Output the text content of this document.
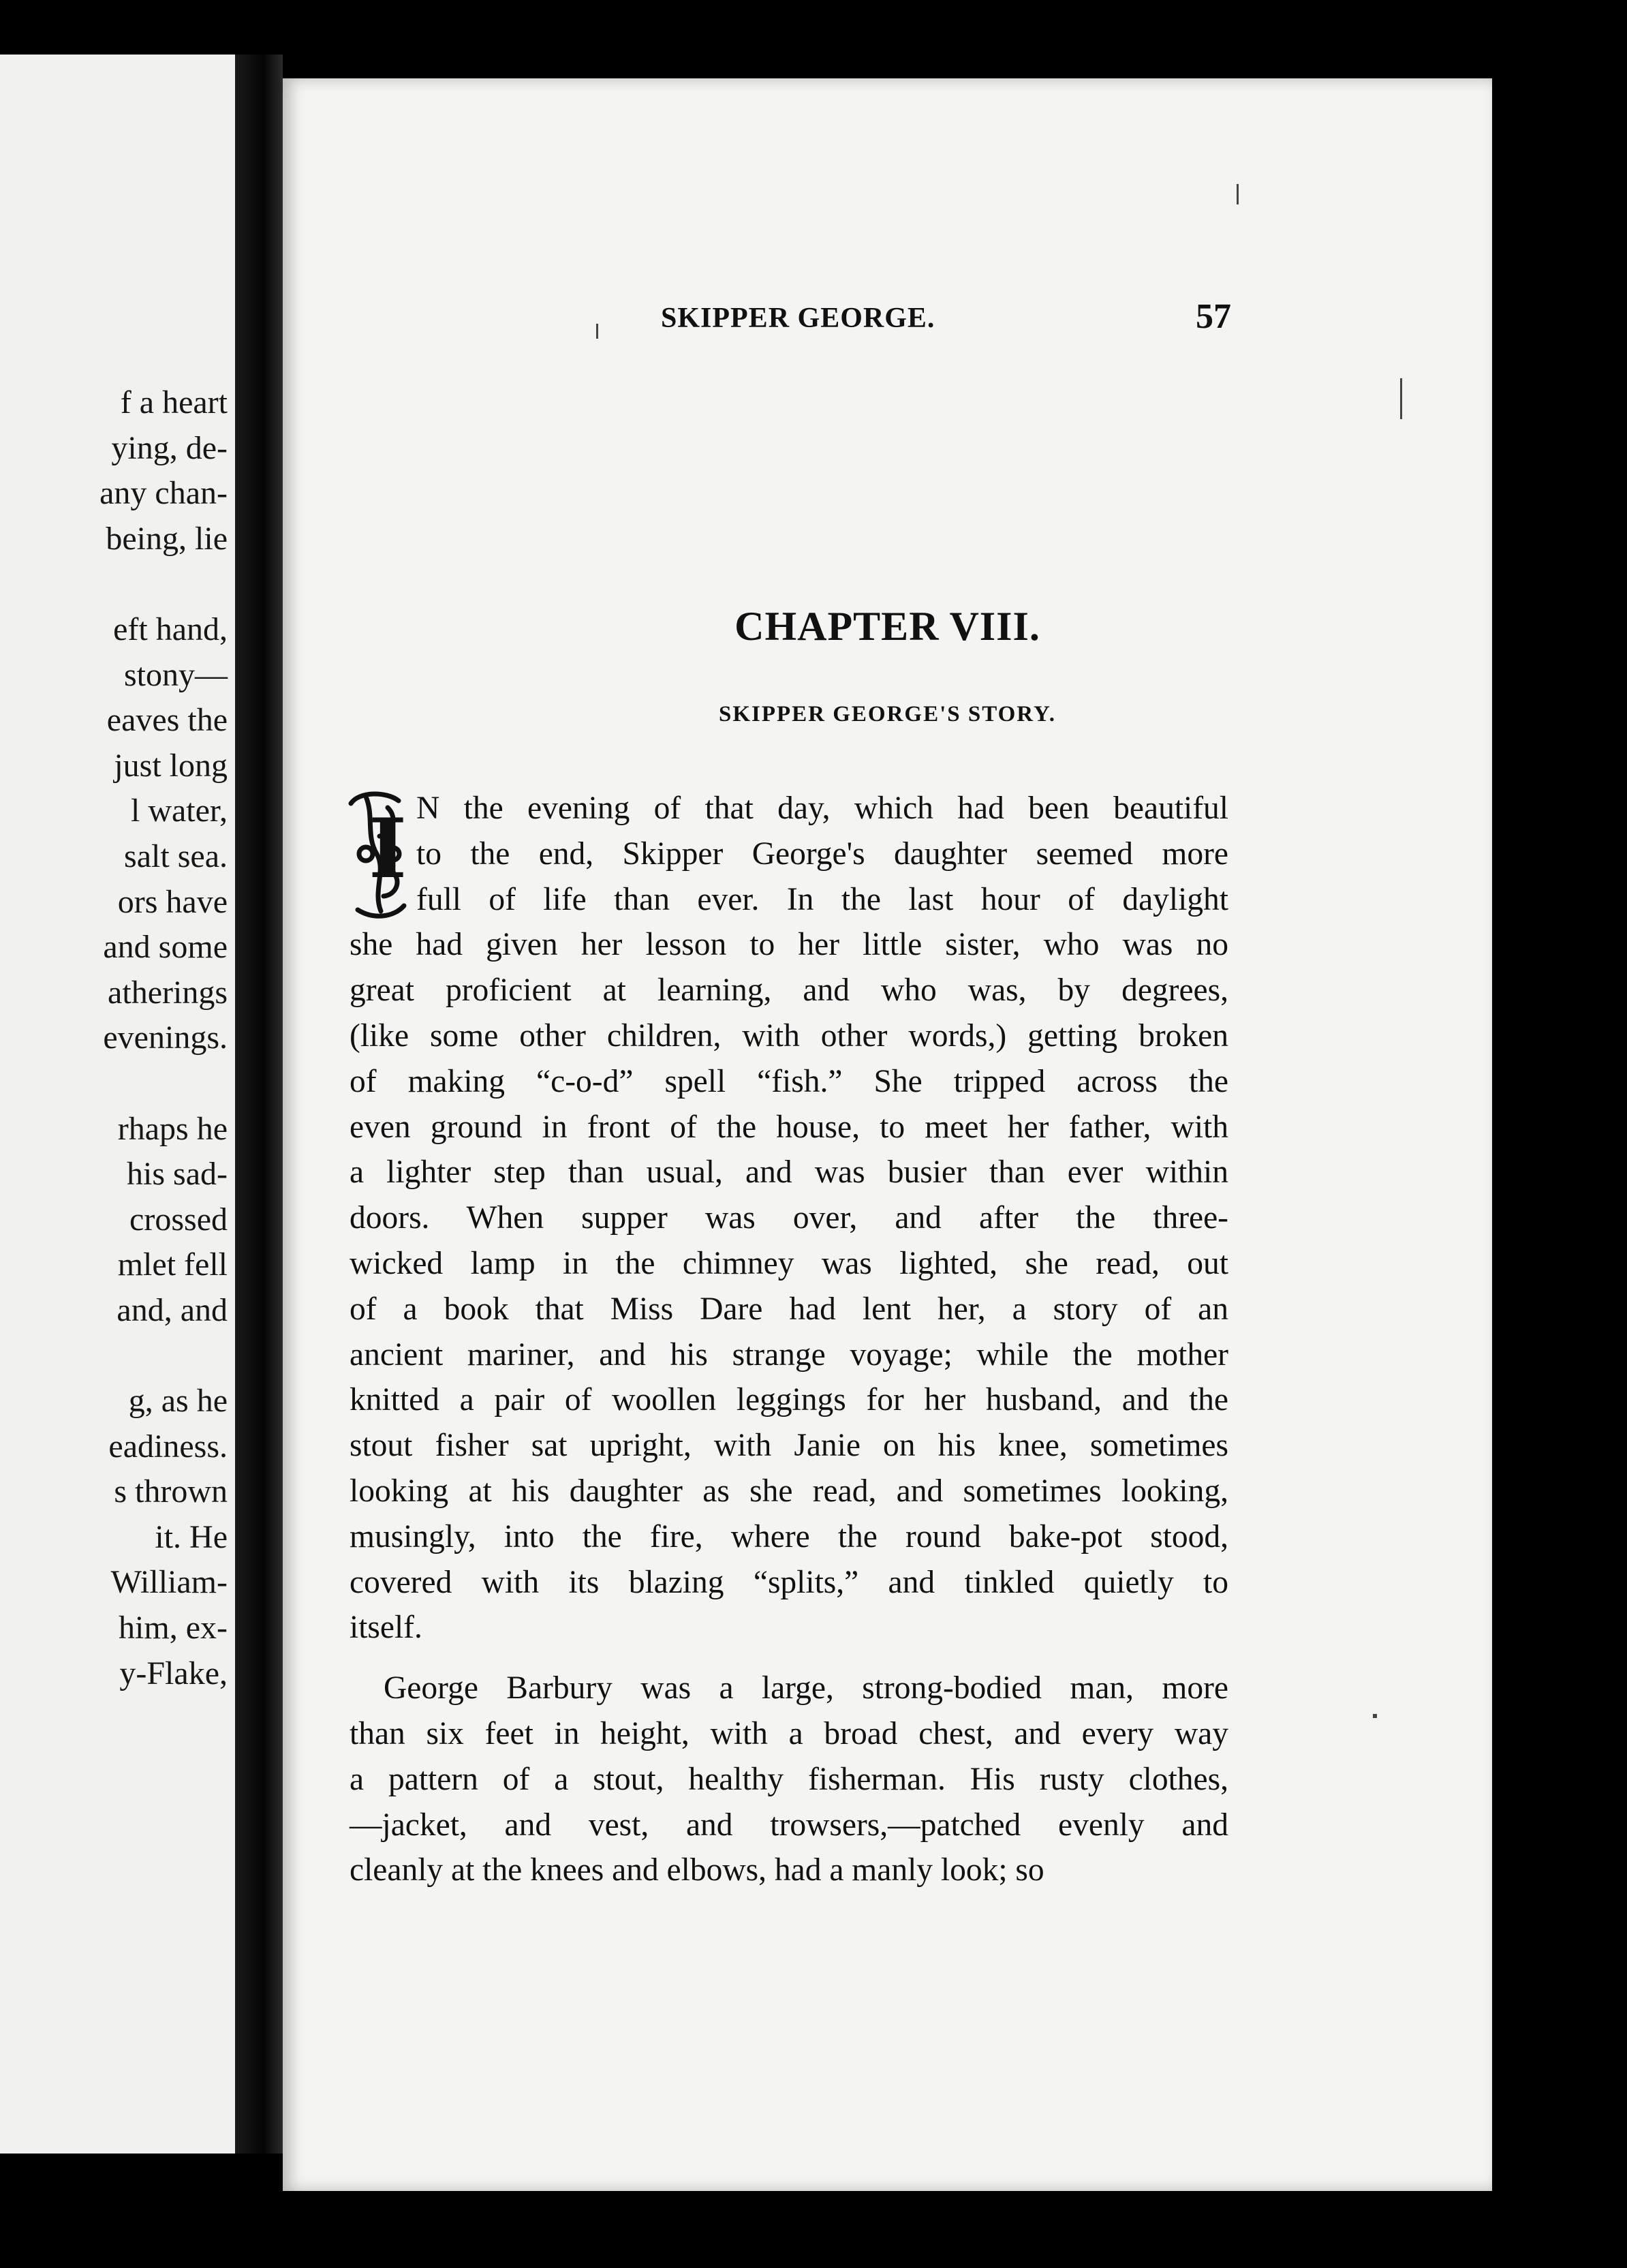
f a heart
ying, de-
any chan-
being, lie
eft hand,
stony—
eaves the
just long
l water,
salt sea.
ors have
and some
atherings
evenings.
rhaps he
his sad-
crossed
mlet fell
and, and
g, as he
eadiness.
s thrown
it. He
William-
him, ex-
y-Flake,
SKIPPER GEORGE.	57
CHAPTER VIII.
SKIPPER GEORGE'S STORY.
I N the evening of that day, which had been beautiful
to the end, Skipper George's daughter seemed more
full of life than ever. In the last hour of daylight
she had given her lesson to her little sister, who was no
great proficient at learning, and who was, by degrees,
(like some other children, with other words,) getting broken
of making “c-o-d” spell “fish.” She tripped across the
even ground in front of the house, to meet her father, with
a lighter step than usual, and was busier than ever within
doors. When supper was over, and after the three-
wicked lamp in the chimney was lighted, she read, out
of a book that Miss Dare had lent her, a story of an
ancient mariner, and his strange voyage; while the mother
knitted a pair of woollen leggings for her husband, and the
stout fisher sat upright, with Janie on his knee, sometimes
looking at his daughter as she read, and sometimes looking,
musingly, into the fire, where the round bake-pot stood,
covered with its blazing “splits,” and tinkled quietly to
itself.
George Barbury was a large, strong-bodied man, more
than six feet in height, with a broad chest, and every way
a pattern of a stout, healthy fisherman. His rusty clothes,
—jacket, and vest, and trowsers,—patched evenly and
cleanly at the knees and elbows, had a manly look; so
